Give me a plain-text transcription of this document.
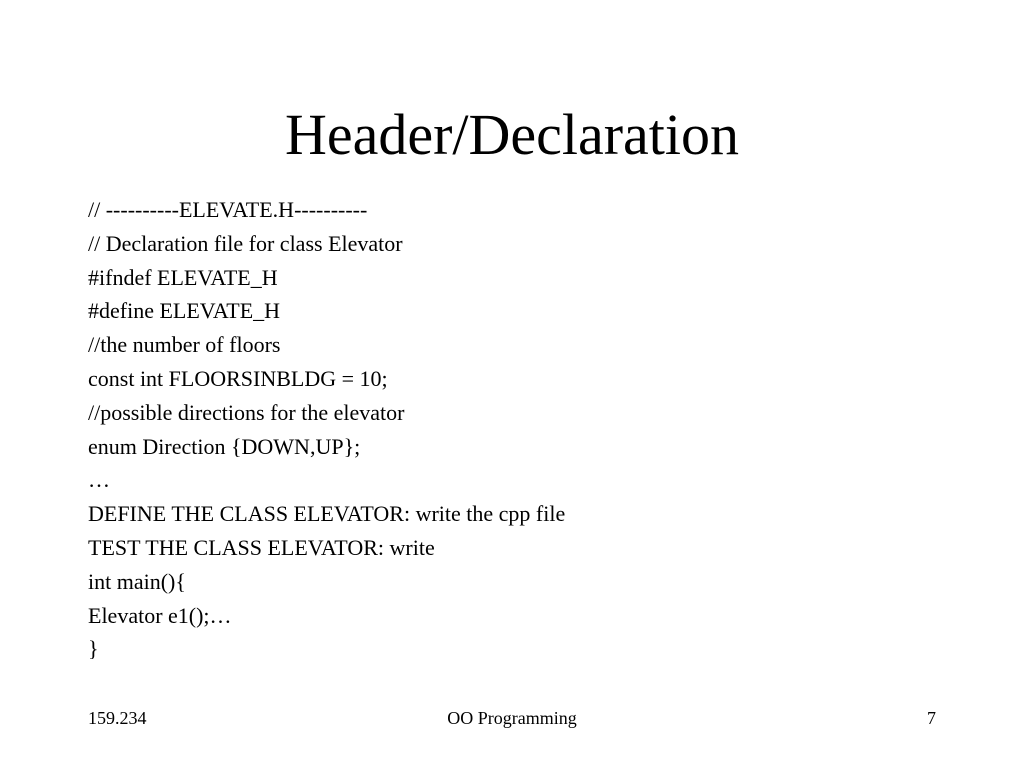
Header/Declaration
// ----------ELEVATE.H----------
// Declaration file for class Elevator
#ifndef ELEVATE_H
#define ELEVATE_H
//the number of floors
const int FLOORSINBLDG = 10;
//possible directions for the elevator
enum Direction {DOWN,UP};
…
DEFINE THE CLASS ELEVATOR: write the cpp file
TEST THE CLASS ELEVATOR: write
int main(){
Elevator e1();…
}
159.234	OO Programming	7
